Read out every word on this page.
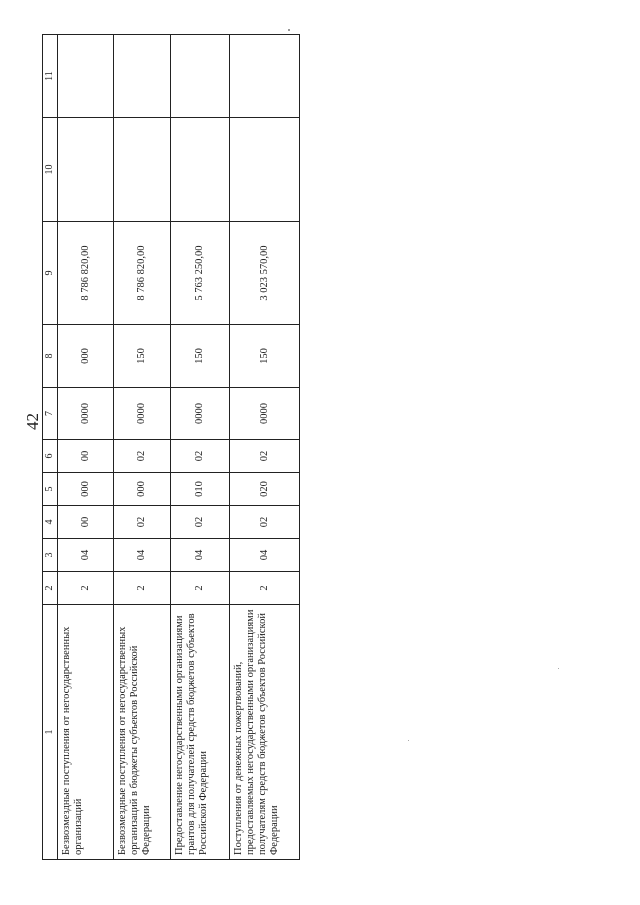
42
1	2	3	4	5	6	7	8	9	10	11
Безвозмездные поступления от негосударственных организаций	2	04	00	000	00	0000	000	8 786 820,00		
Безвозмездные поступления от негосударственных организаций в бюджеты субъектов Российской Федерации	2	04	02	000	02	0000	150	8 786 820,00		
Предоставление негосударственными организациями грантов для получателей средств бюджетов субъектов Российской Федерации	2	04	02	010	02	0000	150	5 763 250,00		
Поступления от денежных пожертвований, предоставляемых негосударственными организациями получателям средств бюджетов субъектов Российской Федерации	2	04	02	020	02	0000	150	3 023 570,00		
